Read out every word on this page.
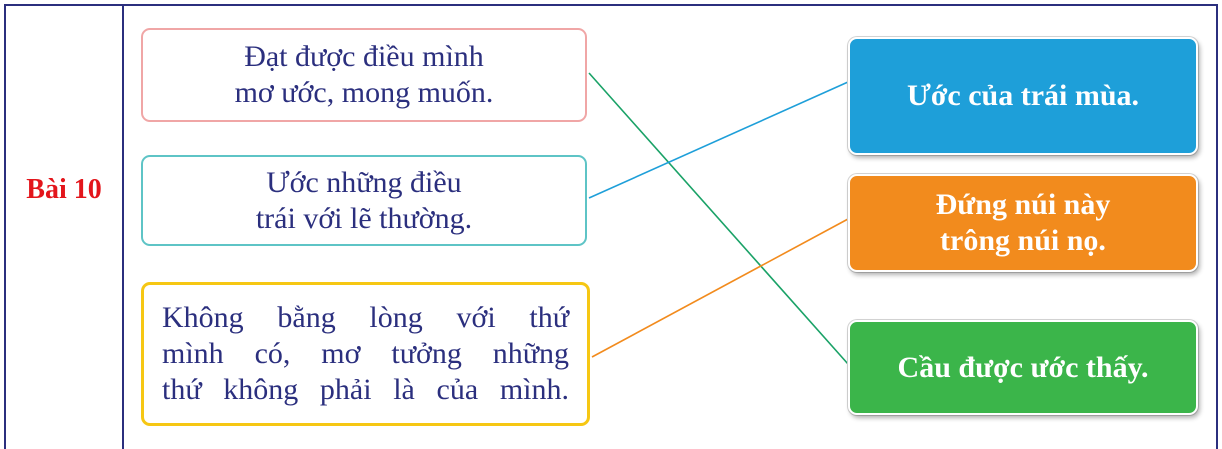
Bài 10
Đạt được điều mình
mơ ước, mong muốn.
Ước những điều
trái với lẽ thường.
Không bằng lòng với thứ
mình có, mơ tưởng những
thứ không phải là của mình.
Ước của trái mùa.
Đứng núi này
trông núi nọ.
Cầu được ước thấy.
